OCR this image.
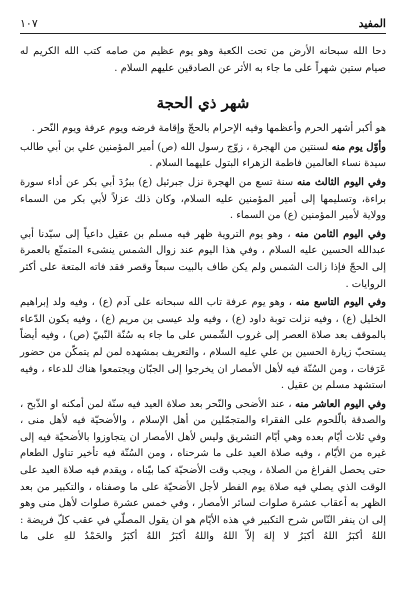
المفيد
١٠٧

دحا الله سبحانه الأرض من تحت الكعبة وهو يوم عظيم من صامه كتب الله الكريم له صيام ستين شهراً على ما جاء به الأثر عن الصادقين عليهم السلام .

شهر ذي الحجة

هو أكبر أشهر الحرم وأعظمها وفيه الإحرام بالحجّ وإقامة فرضه ويوم عرفة ويوم النّحر .

وأوّل يوم منه لسنتين من الهجرة ، زوّج رسول الله (ص) أمير المؤمنين علي بن أبي طالب سيدة نساء العالمين فاطمة الزهراء البتول عليهما السلام .

وفي اليوم الثالث منه سنة تسع من الهجرة نزل جبرئيل (ع) ببرُدَ أبي بكر عن أداء سورة براءة، وتسليمها إلى أمير المؤمنين عليه السلام، وكان ذلك عزلاً لأبي بكر من السماء وولاية لأمير المؤمنين (ع) من السماء .

وفي اليوم الثامن منه ، وهو يوم التروية ظهر فيه مسلم بن عقيل داعياً إلى سيّدنا أبي عبدالله الحسين عليه السلام ، وفي هذا اليوم عند زوال الشمس ينشىء المتمتّع بالعمرة إلى الحجّ فإذا زالت الشمس ولم يكن طاف بالبيت سبعاً وقصر فقد فاته المتعة على أكثر الروايات .

وفي اليوم التاسع منه ، وهو يوم عرفة تاب الله سبحانه على آدم (ع) ، وفيه ولد إبراهيم الخليل (ع) ، وفيه نزلت توبة داود (ع) ، وفيه ولد عيسى بن مريم (ع) ، وفيه يكون الدّعاء بالموقف بعد صلاة العصر إلى غروب الشّمس على ما جاء به سُنّة النّبيّ (ص) ، وفيه أيضاً يستحبّ زيارة الحسين بن علي عليه السلام ، والتعريف بمشهده لمن لم يتمكّن من حضور عَرَفات ، ومن السُنّة فيه لأهل الأمصار ان يخرجوا إلى الجبّان ويجتمعوا هناك للدعاء ، وفيه استشهد مسلم بن عقيل .

وفي اليوم العاشر منه ، عند الأضحى والنّحر بعد صلاة العيد فيه سنّة لمن أمكنه او الذّبح ، والصدقة بالّلحوم على الفقراء والمتجمّلين من أهل الإسلام ، والأضحيّة فيه لأهل منى ، وفي ثلاث أيّام بعده وهي أيّام التشريق وليس لأهل الأمصار ان يتجاوزوا بالأضحيّة فيه إلى غيره من الأيّام ، وفيه صلاة العيد على ما شرحناه ، ومن السُنّة فيه تأخير تناول الطعام حتى يحصل الفراغ من الصلاة ، ويجب وقت الأضحيّة كما بيّناه ، ويقدم فيه صلاة العيد على الوقت الذي يصلي فيه صلاة يوم الفطر لأجل الأضحيّة على ما وصفناه ، والتكبير من بعد الظهر به أعقاب عشرة صلوات لسائر الأمصار ، وفي خمس عشرة صلوات لأهل منى وهو إلى ان ينفر النّاس شرح التكبير في هذه الأيّام هو ان يقول المصلّي في عقب كلّ فريضة : اللهُ أكبَرُ اللهُ أكبَرُ لا إلهَ إلاّ اللهُ واللهُ أكبَرُ اللهُ أكبَرُ والحَمْدُ للهِ على ما
